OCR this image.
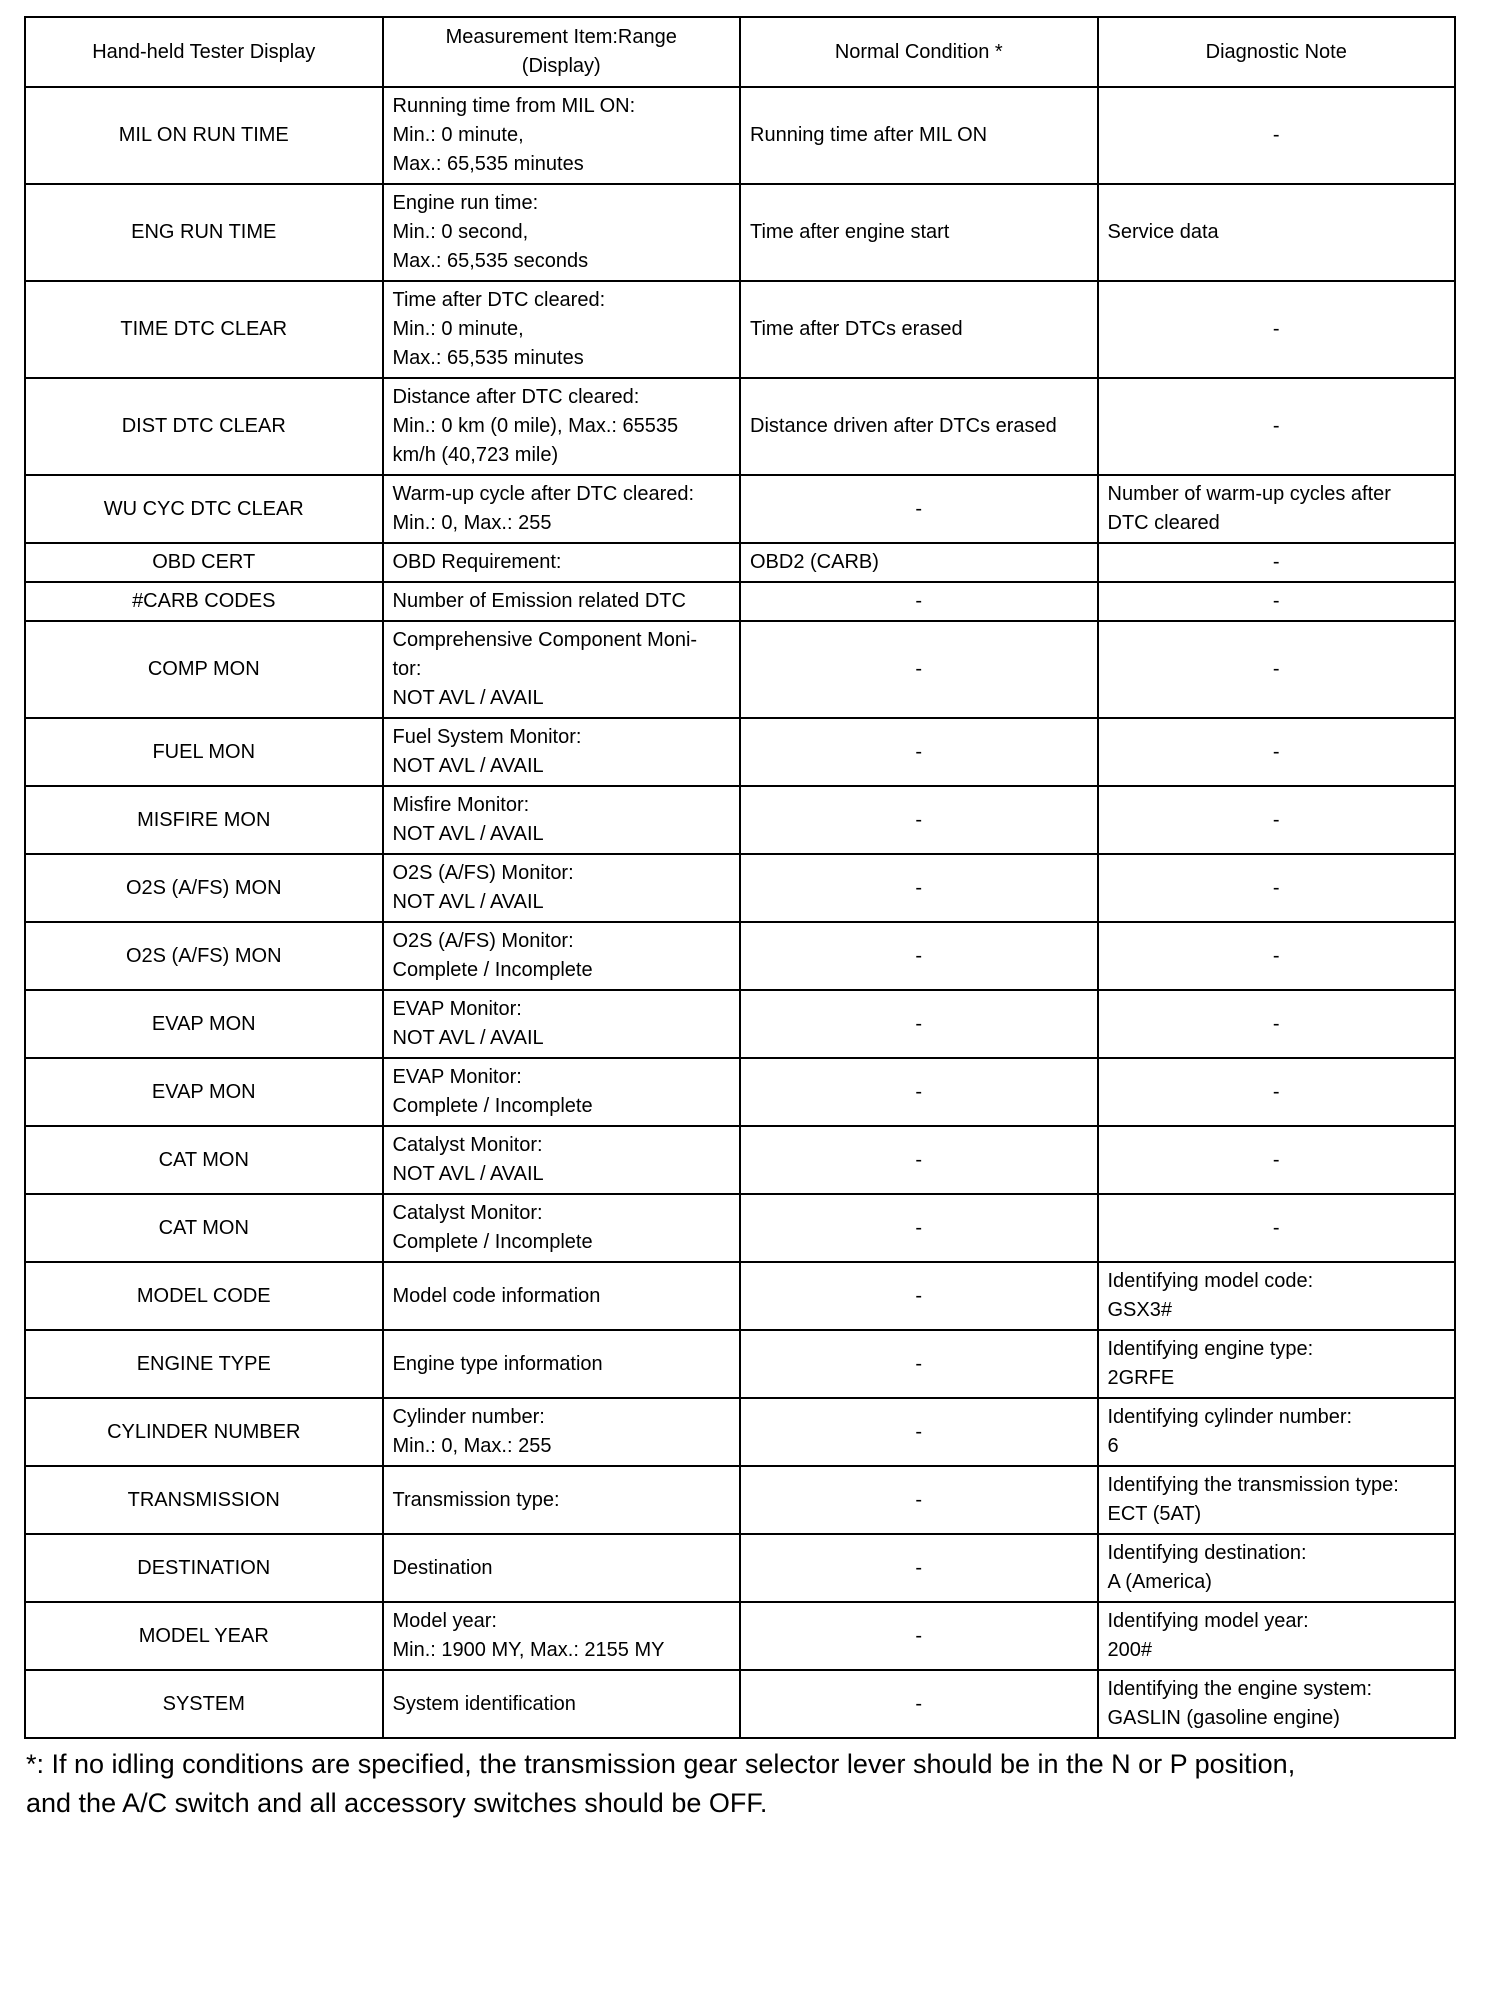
Hand-held Tester Display	Measurement Item:Range
(Display)	Normal Condition *	Diagnostic Note

MIL ON RUN TIME	Running time from MIL ON:
Min.: 0 minute,
Max.: 65,535 minutes	Running time after MIL ON	-

ENG RUN TIME	Engine run time:
Min.: 0 second,
Max.: 65,535 seconds	Time after engine start	Service data

TIME DTC CLEAR	Time after DTC cleared:
Min.: 0 minute,
Max.: 65,535 minutes	Time after DTCs erased	-

DIST DTC CLEAR	Distance after DTC cleared:
Min.: 0 km (0 mile), Max.: 65535
km/h (40,723 mile)	Distance driven after DTCs erased	-

WU CYC DTC CLEAR	Warm-up cycle after DTC cleared:
Min.: 0, Max.: 255	-	Number of warm-up cycles after
DTC cleared

OBD CERT	OBD Requirement:	OBD2 (CARB)	-

#CARB CODES	Number of Emission related DTC	-	-

COMP MON	Comprehensive Component Moni-
tor:
NOT AVL / AVAIL	-	-

FUEL MON	Fuel System Monitor:
NOT AVL / AVAIL	-	-

MISFIRE MON	Misfire Monitor:
NOT AVL / AVAIL	-	-

O2S (A/FS) MON	O2S (A/FS) Monitor:
NOT AVL / AVAIL	-	-

O2S (A/FS) MON	O2S (A/FS) Monitor:
Complete / Incomplete	-	-

EVAP MON	EVAP Monitor:
NOT AVL / AVAIL	-	-

EVAP MON	EVAP Monitor:
Complete / Incomplete	-	-

CAT MON	Catalyst Monitor:
NOT AVL / AVAIL	-	-

CAT MON	Catalyst Monitor:
Complete / Incomplete	-	-

MODEL CODE	Model code information	-	Identifying model code:
GSX3#

ENGINE TYPE	Engine type information	-	Identifying engine type:
2GRFE

CYLINDER NUMBER	Cylinder number:
Min.: 0, Max.: 255	-	Identifying cylinder number:
6

TRANSMISSION	Transmission type:	-	Identifying the transmission type:
ECT (5AT)

DESTINATION	Destination	-	Identifying destination:
A (America)

MODEL YEAR	Model year:
Min.: 1900 MY, Max.: 2155 MY	-	Identifying model year:
200#

SYSTEM	System identification	-	Identifying the engine system:
GASLIN (gasoline engine)
*: If no idling conditions are specified, the transmission gear selector lever should be in the N or P position,
and the A/C switch and all accessory switches should be OFF.
